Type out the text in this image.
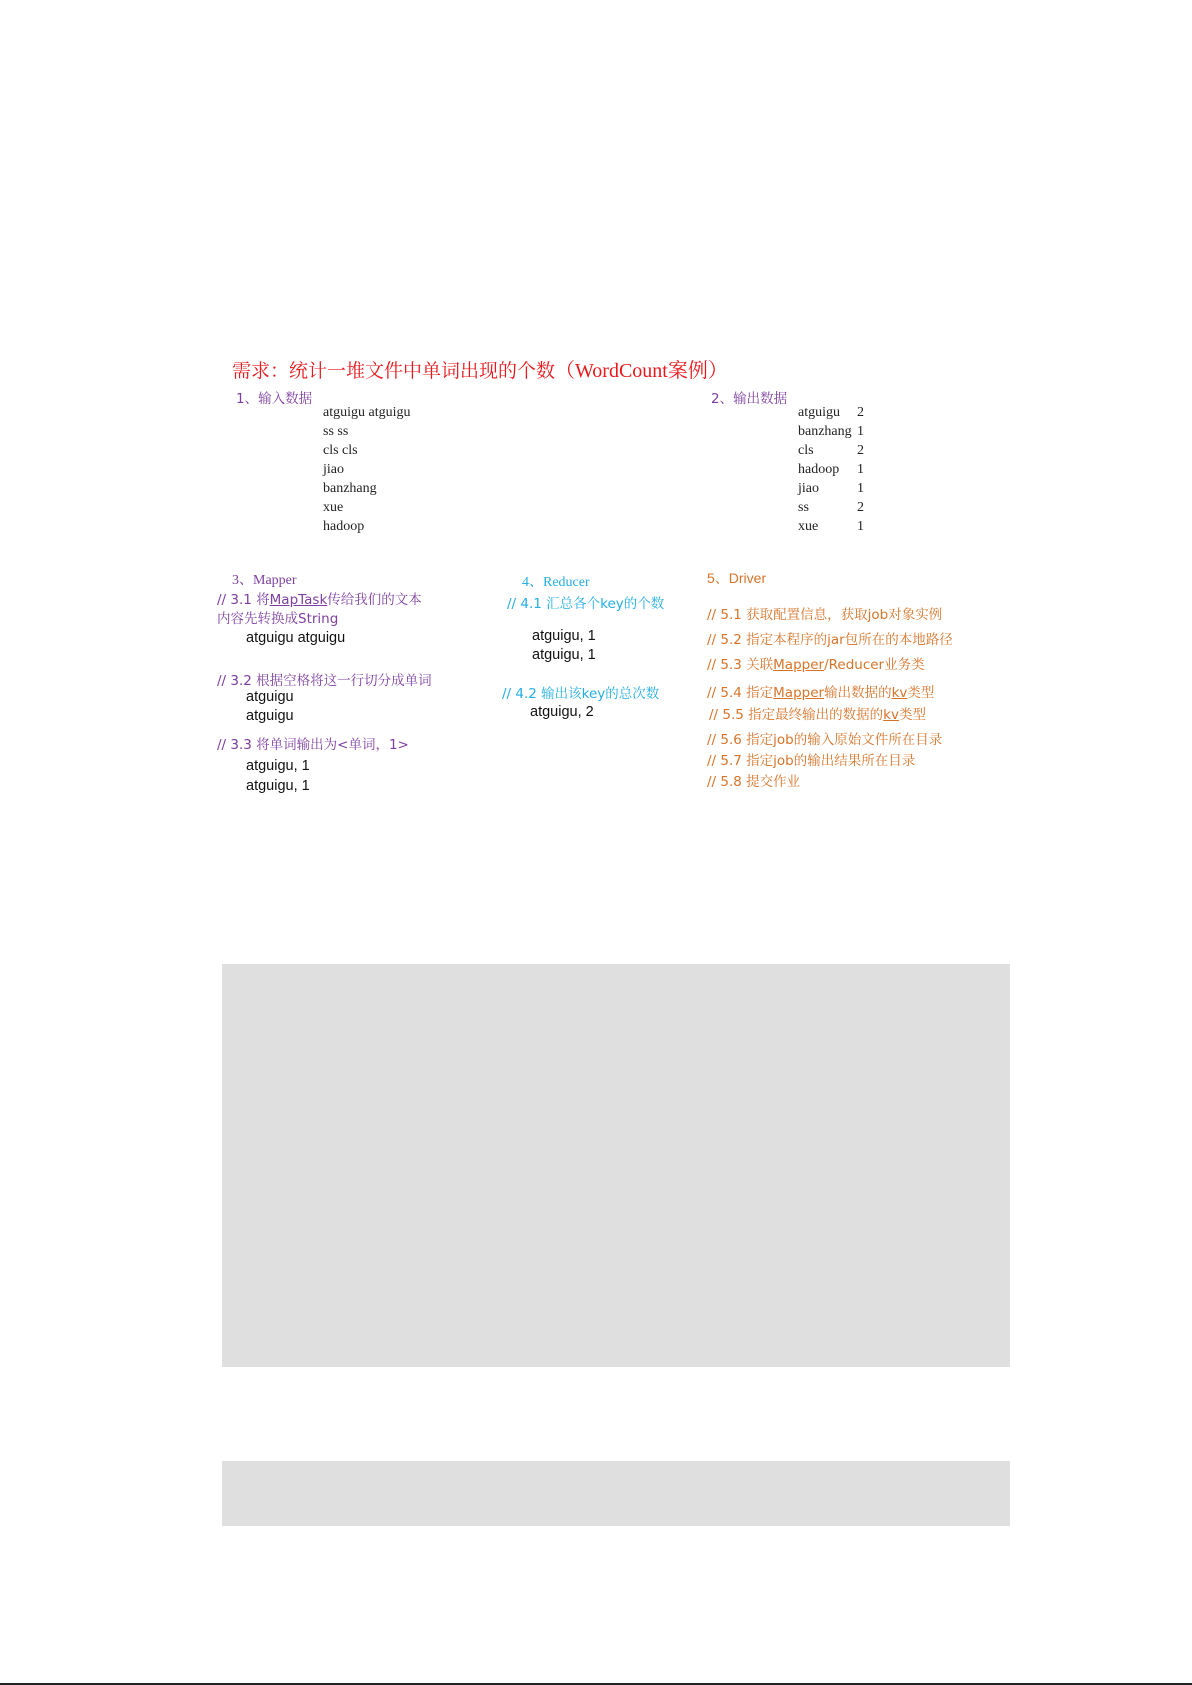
需求：统计一堆文件中单词出现的个数（WordCount案例）
1、输入数据
atguigu atguigu
ss ss
cls cls
jiao
banzhang
xue
hadoop
2、输出数据
atguigu 2
banzhang 1
cls	2
hadoop 1
jiao	1
ss	2
xue	1
3、Mapper
// 3.1 将MapTask传给我们的文本
内容先转换成String
atguigu atguigu
// 3.2 根据空格将这一行切分成单词
atguigu
atguigu
// 3.3 将单词输出为<单词，1>
atguigu, 1
atguigu, 1
4、Reducer
// 4.1 汇总各个key的个数
atguigu, 1
atguigu, 1
// 4.2 输出该key的总次数
atguigu, 2
5、Driver
// 5.1 获取配置信息，获取job对象实例
// 5.2 指定本程序的jar包所在的本地路径
// 5.3 关联Mapper/Reducer业务类
// 5.4 指定Mapper输出数据的kv类型
// 5.5 指定最终输出的数据的kv类型
// 5.6 指定job的输入原始文件所在目录
// 5.7 指定job的输出结果所在目录
// 5.8 提交作业
